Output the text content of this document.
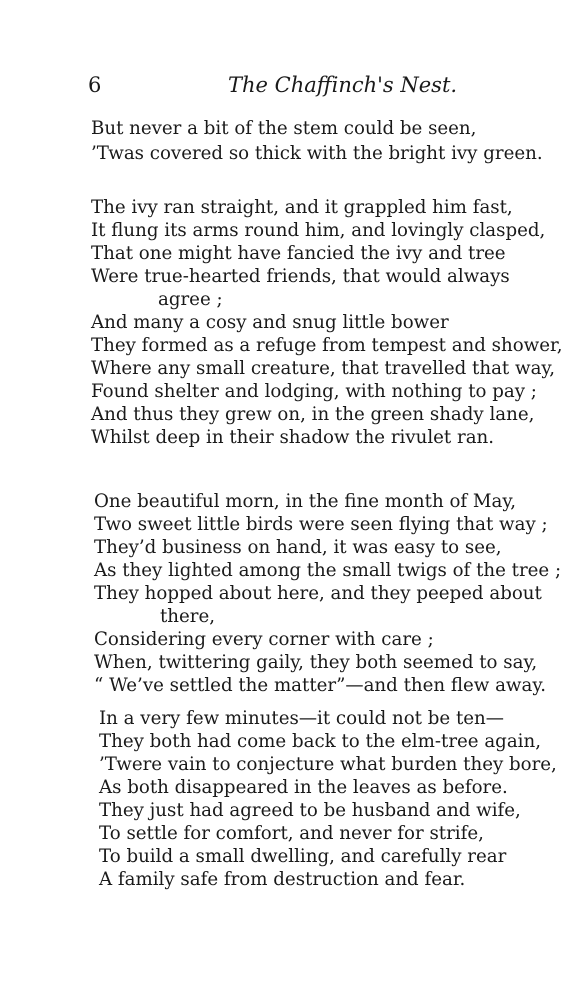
6	The Chaffinch's Nest.
But never a bit of the stem could be seen,
’Twas covered so thick with the bright ivy green.
The ivy ran straight, and it grappled him fast,
It flung its arms round him, and lovingly clasped,
That one might have fancied the ivy and tree
Were true-hearted friends, that would always
agree ;
And many a cosy and snug little bower
They formed as a refuge from tempest and shower,
Where any small creature, that travelled that way,
Found shelter and lodging, with nothing to pay ;
And thus they grew on, in the green shady lane,
Whilst deep in their shadow the rivulet ran.
One beautiful morn, in the fine month of May,
Two sweet little birds were seen flying that way ;
They’d business on hand, it was easy to see,
As they lighted among the small twigs of the tree ;
They hopped about here, and they peeped about
there,
Considering every corner with care ;
When, twittering gaily, they both seemed to say,
“ We’ve settled the matter”—and then flew away.
In a very few minutes—it could not be ten—
They both had come back to the elm-tree again,
’Twere vain to conjecture what burden they bore,
As both disappeared in the leaves as before.
They just had agreed to be husband and wife,
To settle for comfort, and never for strife,
To build a small dwelling, and carefully rear
A family safe from destruction and fear.
